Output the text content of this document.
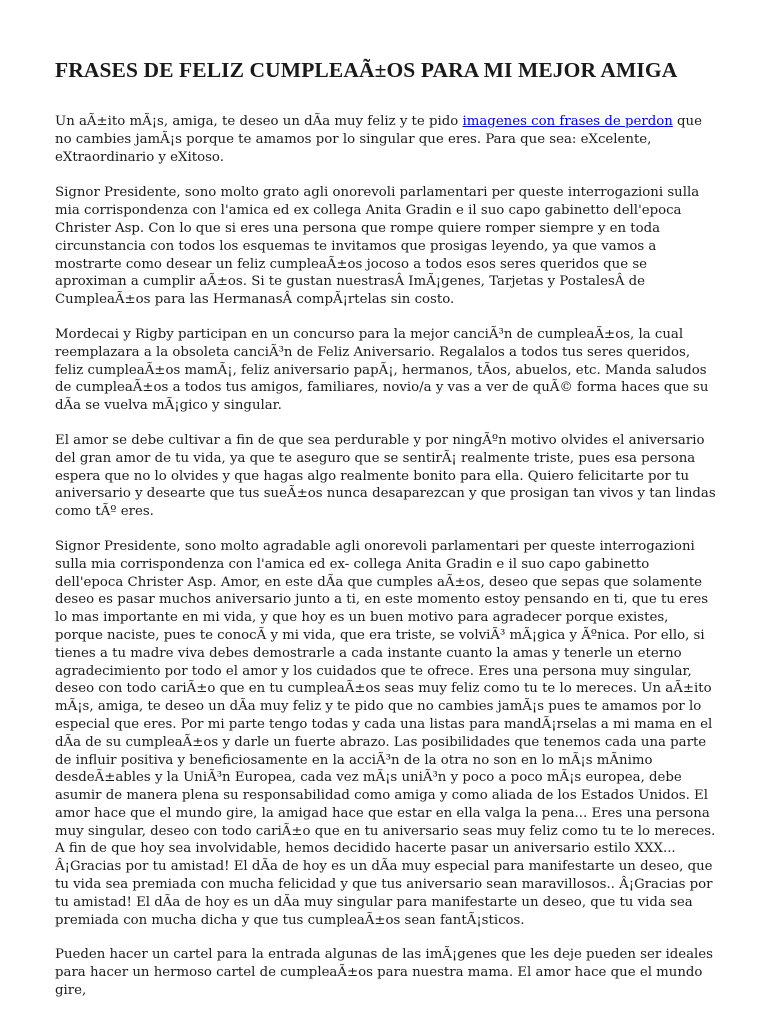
FRASES DE FELIZ CUMPLEAÃ±OS PARA MI MEJOR AMIGA

Un aÃ±ito mÃ¡s, amiga, te deseo un dÃa muy feliz y te pido imagenes con frases de perdon que no cambies jamÃ¡s porque te amamos por lo singular que eres. Para que sea: eXcelente, eXtraordinario y eXitoso.

Signor Presidente, sono molto grato agli onorevoli parlamentari per queste interrogazioni sulla mia corrispondenza con l'amica ed ex collega Anita Gradin e il suo capo gabinetto dell'epoca Christer Asp. Con lo que si eres una persona que rompe quiere romper siempre y en toda circunstancia con todos los esquemas te invitamos que prosigas leyendo, ya que vamos a mostrarte como desear un feliz cumpleaÃ±os jocoso a todos esos seres queridos que se aproximan a cumplir aÃ±os. Si te gustan nuestrasÂ ImÃ¡genes, Tarjetas y PostalesÂ de CumpleaÃ±os para las HermanasÂ compÃ¡rtelas sin costo.

Mordecai y Rigby participan en un concurso para la mejor canciÃ³n de cumpleaÃ±os, la cual reemplazara a la obsoleta canciÃ³n de Feliz Aniversario. Regalalos a todos tus seres queridos, feliz cumpleaÃ±os mamÃ¡, feliz aniversario papÃ¡, hermanos, tÃos, abuelos, etc. Manda saludos de cumpleaÃ±os a todos tus amigos, familiares, novio/a y vas a ver de quÃ© forma haces que su dÃa se vuelva mÃ¡gico y singular.

El amor se debe cultivar a fin de que sea perdurable y por ningÃºn motivo olvides el aniversario del gran amor de tu vida, ya que te aseguro que se sentirÃ¡ realmente triste, pues esa persona espera que no lo olvides y que hagas algo realmente bonito para ella. Quiero felicitarte por tu aniversario y desearte que tus sueÃ±os nunca desaparezcan y que prosigan tan vivos y tan lindas como tÃº eres.

Signor Presidente, sono molto agradable agli onorevoli parlamentari per queste interrogazioni sulla mia corrispondenza con l'amica ed ex- collega Anita Gradin e il suo capo gabinetto dell'epoca Christer Asp. Amor, en este dÃa que cumples aÃ±os, deseo que sepas que solamente deseo es pasar muchos aniversario junto a ti, en este momento estoy pensando en ti, que tu eres lo mas importante en mi vida, y que hoy es un buen motivo para agradecer porque existes, porque naciste, pues te conocÃ y mi vida, que era triste, se volviÃ³ mÃ¡gica y Ãºnica. Por ello, si tienes a tu madre viva debes demostrarle a cada instante cuanto la amas y tenerle un eterno agradecimiento por todo el amor y los cuidados que te ofrece. Eres una persona muy singular, deseo con todo cariÃ±o que en tu cumpleaÃ±os seas muy feliz como tu te lo mereces. Un aÃ±ito mÃ¡s, amiga, te deseo un dÃa muy feliz y te pido que no cambies jamÃ¡s pues te amamos por lo especial que eres. Por mi parte tengo todas y cada una listas para mandÃ¡rselas a mi mama en el dÃa de su cumpleaÃ±os y darle un fuerte abrazo. Las posibilidades que tenemos cada una parte de influir positiva y beneficiosamente en la acciÃ³n de la otra no son en lo mÃ¡s mÃnimo desdeÃ±ables y la UniÃ³n Europea, cada vez mÃ¡s uniÃ³n y poco a poco mÃ¡s europea, debe asumir de manera plena su responsabilidad como amiga y como aliada de los Estados Unidos. El amor hace que el mundo gire, la amigad hace que estar en ella valga la pena... Eres una persona muy singular, deseo con todo cariÃ±o que en tu aniversario seas muy feliz como tu te lo mereces. A fin de que hoy sea involvidable, hemos decidido hacerte pasar un aniversario estilo XXX... Â¡Gracias por tu amistad! El dÃa de hoy es un dÃa muy especial para manifestarte un deseo, que tu vida sea premiada con mucha felicidad y que tus aniversario sean maravillosos.. Â¡Gracias por tu amistad! El dÃa de hoy es un dÃa muy singular para manifestarte un deseo, que tu vida sea premiada con mucha dicha y que tus cumpleaÃ±os sean fantÃ¡sticos.

Pueden hacer un cartel para la entrada algunas de las imÃ¡genes que les deje pueden ser ideales para hacer un hermoso cartel de cumpleaÃ±os para nuestra mama. El amor hace que el mundo gire,
